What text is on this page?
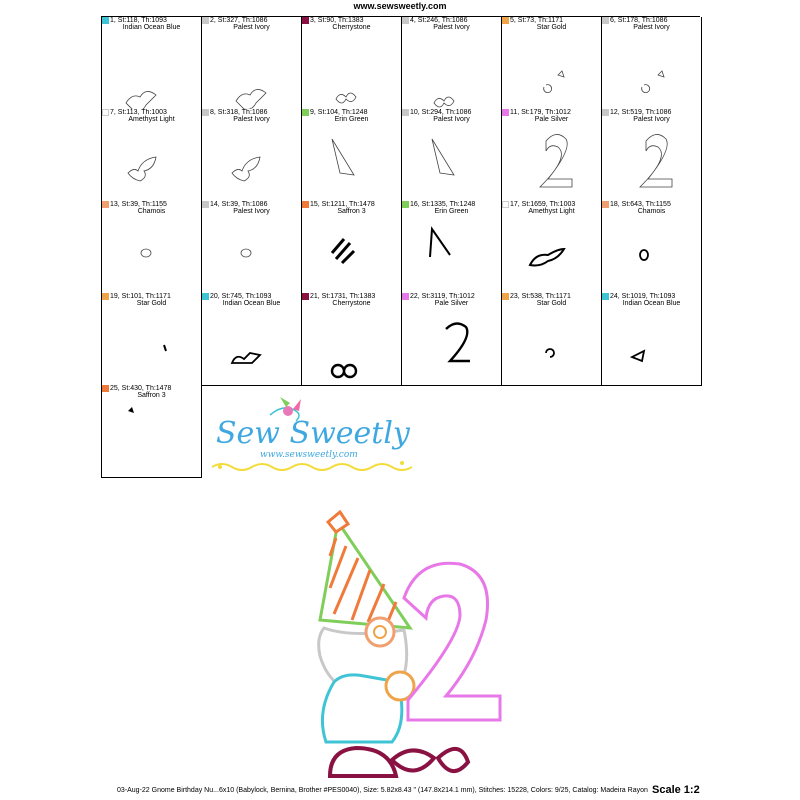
www.sewsweetly.com
1, St:118, Th:1093
Indian Ocean Blue
2, St:327, Th:1086
Palest Ivory
3, St:90, Th:1383
Cherrystone
4, St:246, Th:1086
Palest Ivory
5, St:73, Th:1171
Star Gold
6, St:178, Th:1086
Palest Ivory
7, St:113, Th:1003
Amethyst Light
8, St:318, Th:1086
Palest Ivory
9, St:104, Th:1248
Erin Green
10, St:294, Th:1086
Palest Ivory
11, St:179, Th:1012
Pale Silver
12, St:519, Th:1086
Palest Ivory
13, St:39, Th:1155
Chamois
14, St:39, Th:1086
Palest Ivory
15, St:1211, Th:1478
Saffron 3
16, St:1335, Th:1248
Erin Green
17, St:1659, Th:1003
Amethyst Light
18, St:643, Th:1155
Chamois
19, St:101, Th:1171
Star Gold
20, St:745, Th:1093
Indian Ocean Blue
21, St:1731, Th:1383
Cherrystone
22, St:3119, Th:1012
Pale Silver
23, St:538, Th:1171
Star Gold
24, St:1019, Th:1093
Indian Ocean Blue
25, St:430, Th:1478
Saffron 3
Sew Sweetly
www.sewsweetly.com
03-Aug-22 Gnome Birthday Nu...6x10 (Babylock, Bernina, Brother #PES0040), Size: 5.82x8.43 " (147.8x214.1 mm), Stitches: 15228, Colors: 9/25, Catalog: Madeira Rayon Scale 1:2
